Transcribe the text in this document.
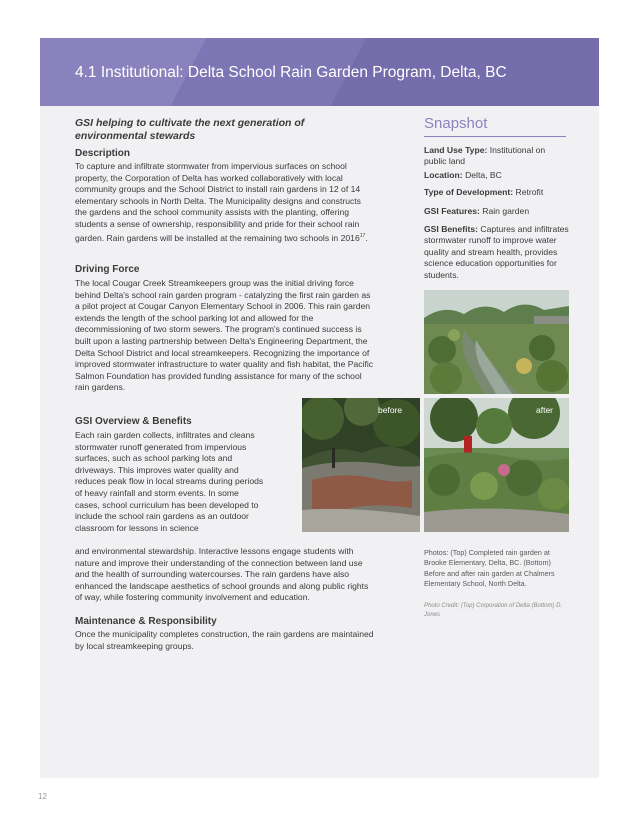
4.1 Institutional: Delta School Rain Garden Program, Delta, BC
GSI helping to cultivate the next generation of environmental stewards
Description
To capture and infiltrate stormwater from impervious surfaces on school property, the Corporation of Delta has worked collaboratively with local community groups and the School District to install rain gardens in 12 of 14 elementary schools in North Delta. The Municipality designs and constructs the gardens and the school community assists with the planting, offering students a sense of ownership, responsibility and pride for their school rain garden. Rain gardens will be installed at the remaining two schools in 2016$^{17}$.
Driving Force
The local Cougar Creek Streamkeepers group was the initial driving force behind Delta's school rain garden program - catalyzing the first rain garden as a pilot project at Cougar Canyon Elementary School in 2006. This rain garden extends the length of the school parking lot and allowed for the decommissioning of two storm sewers. The program's continued success is built upon a lasting partnership between Delta's Engineering Department, the Delta School District and local streamkeepers. Recognizing the importance of improved stormwater infrastructure to water quality and fish habitat, the Pacific Salmon Foundation has provided funding assistance for many of the school rain gardens.
GSI Overview & Benefits
Each rain garden collects, infiltrates and cleans stormwater runoff generated from impervious surfaces, such as school parking lots and driveways. This improves water quality and reduces peak flow in local streams during periods of heavy rainfall and storm events. In some cases, school curriculum has been developed to include the school rain gardens as an outdoor classroom for lessons in science
and environmental stewardship. Interactive lessons engage students with nature and improve their understanding of the connection between land use and the health of surrounding watercourses. The rain gardens have also enhanced the landscape aesthetics of school grounds and along public rights of way, while fostering community involvement and education.
Maintenance & Responsibility
Once the municipality completes construction, the rain gardens are maintained by local streamkeeping groups.
Snapshot
Land Use Type: Institutional on public land
Location: Delta, BC
Type of Development: Retrofit
GSI Features: Rain garden
GSI Benefits: Captures and infiltrates stormwater runoff to improve water quality and stream health, provides science education opportunities for students.
before	after
Photos: (Top) Completed rain garden at Brooke Elementary, Delta, BC. (Bottom) Before and after rain garden at Chalmers Elementary School, North Delta.
Photo Credit: (Top) Corporation of Delta (Bottom) D. Jones
12
